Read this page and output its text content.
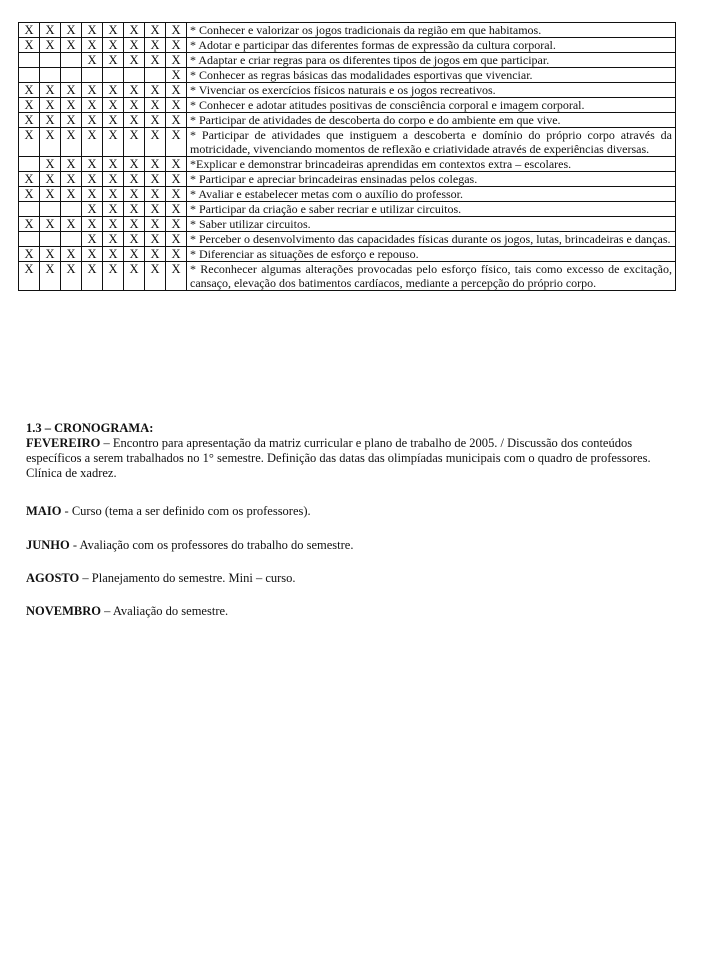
X	X	X	X	X	X	X	X	* Conhecer e valorizar os jogos tradicionais da região em que habitamos.
X	X	X	X	X	X	X	X	* Adotar e participar das diferentes formas de expressão da cultura corporal.
			X	X	X	X	X	* Adaptar e criar regras para os diferentes tipos de jogos em que participar.
							X	* Conhecer as regras básicas das modalidades esportivas que vivenciar.
X	X	X	X	X	X	X	X	* Vivenciar os exercícios físicos naturais e os jogos recreativos.
X	X	X	X	X	X	X	X	* Conhecer e adotar atitudes positivas de consciência corporal e imagem corporal.
X	X	X	X	X	X	X	X	* Participar de atividades de descoberta do corpo e do ambiente em que vive.
X	X	X	X	X	X	X	X	* Participar de atividades que instiguem a descoberta e domínio do próprio corpo através da motricidade, vivenciando momentos de reflexão e criatividade através de experiências diversas.
	X	X	X	X	X	X	X	*Explicar e demonstrar brincadeiras aprendidas em contextos extra – escolares.
X	X	X	X	X	X	X	X	* Participar e apreciar brincadeiras ensinadas pelos colegas.
X	X	X	X	X	X	X	X	* Avaliar e estabelecer metas com o auxílio do professor.
			X	X	X	X	X	* Participar da criação e saber recriar e utilizar circuitos.
X	X	X	X	X	X	X	X	* Saber utilizar circuitos.
			X	X	X	X	X	* Perceber o desenvolvimento das capacidades físicas durante os jogos, lutas, brincadeiras e danças.
X	X	X	X	X	X	X	X	* Diferenciar as situações de esforço e repouso.
X	X	X	X	X	X	X	X	* Reconhecer algumas alterações provocadas pelo esforço físico, tais como excesso de excitação, cansaço, elevação dos batimentos cardíacos, mediante a percepção do próprio corpo.
1.3 – CRONOGRAMA:
FEVEREIRO – Encontro para apresentação da matriz curricular e plano de trabalho de 2005. / Discussão dos conteúdos específicos a serem trabalhados no 1° semestre. Definição das datas das olimpíadas municipais com o quadro de professores. Clínica de xadrez.
MAIO - Curso (tema a ser definido com os professores).
JUNHO - Avaliação com os professores do trabalho do semestre.
AGOSTO – Planejamento do semestre. Mini – curso.
NOVEMBRO – Avaliação do semestre.
